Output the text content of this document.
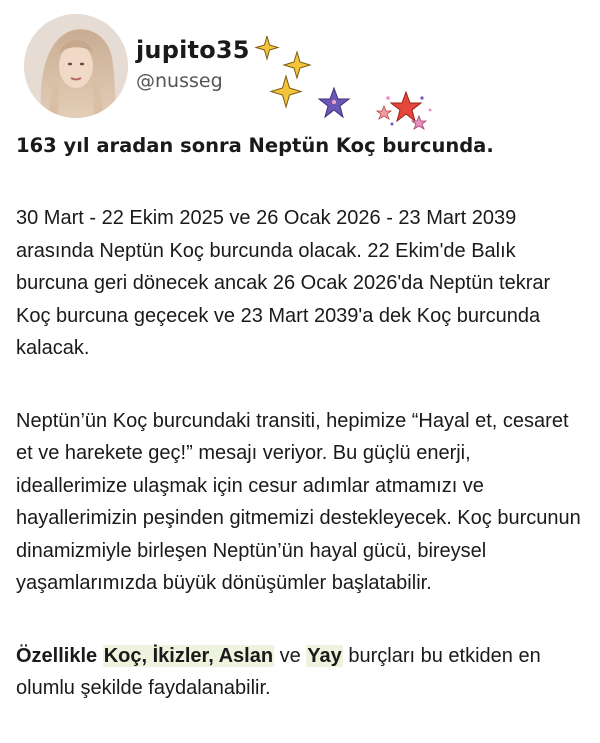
jupito35
@nusseg

163 yıl aradan sonra Neptün Koç burcunda.

30 Mart - 22 Ekim 2025 ve 26 Ocak 2026 - 23 Mart 2039 arasında Neptün Koç burcunda olacak. 22 Ekim'de Balık burcuna geri dönecek ancak 26 Ocak 2026'da Neptün tekrar Koç burcuna geçecek ve 23 Mart 2039'a dek Koç burcunda kalacak.

Neptün’ün Koç burcundaki transiti, hepimize “Hayal et, cesaret et ve harekete geç!” mesajı veriyor. Bu güçlü enerji, ideallerimize ulaşmak için cesur adımlar atmamızı ve hayallerimizin peşinden gitmemizi destekleyecek. Koç burcunun dinamizmiyle birleşen Neptün’ün hayal gücü, bireysel yaşamlarımızda büyük dönüşümler başlatabilir.

Özellikle Koç, İkizler, Aslan ve Yay burçları bu etkiden en olumlu şekilde faydalanabilir.
